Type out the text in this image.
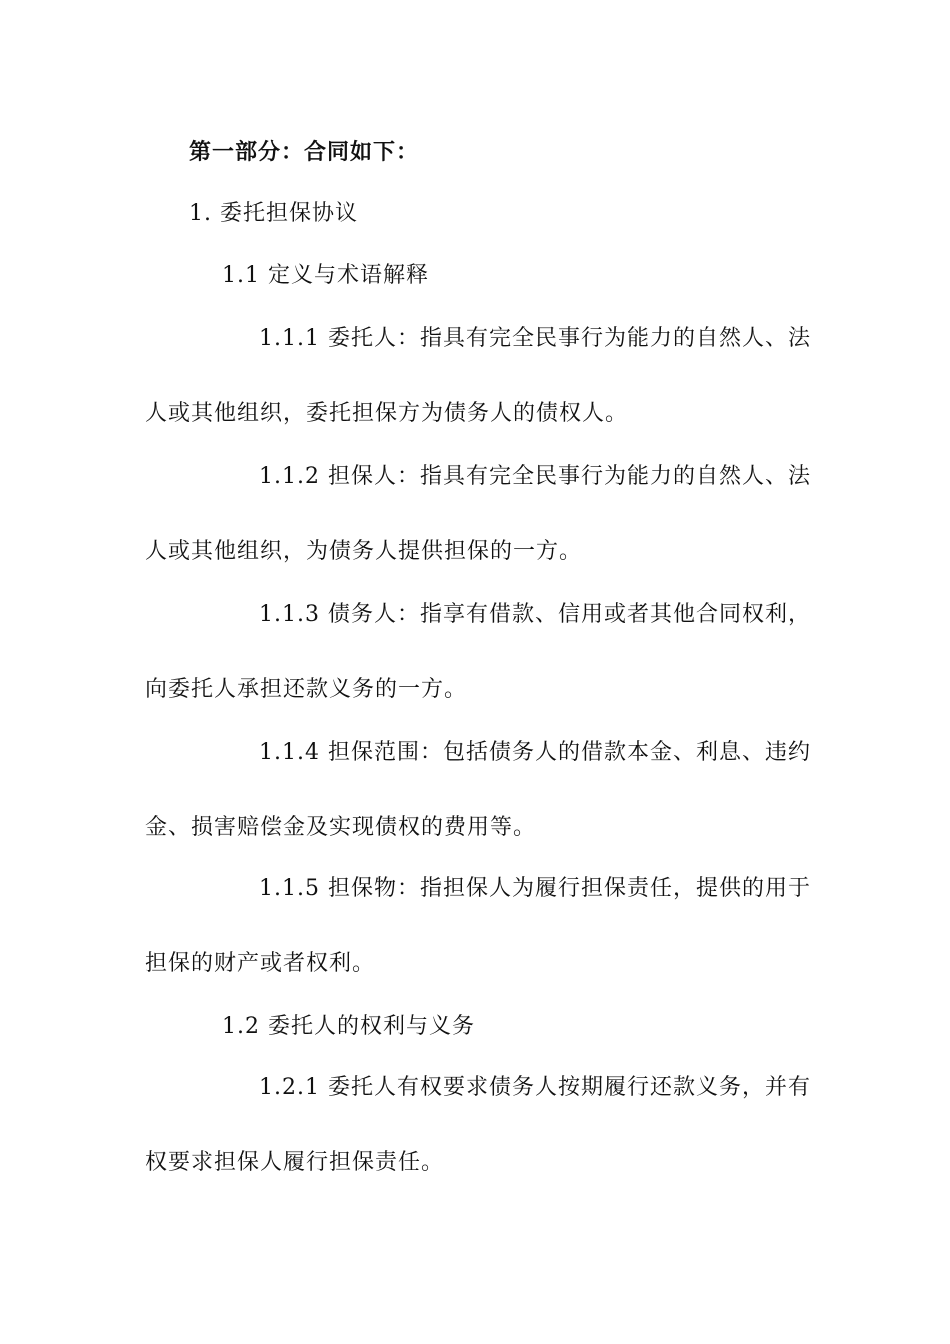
第一部分：合同如下：
1. 委托担保协议
1.1 定义与术语解释
1.1.1 委托人：指具有完全民事行为能力的自然人、法
人或其他组织，委托担保方为债务人的债权人。
1.1.2 担保人：指具有完全民事行为能力的自然人、法
人或其他组织，为债务人提供担保的一方。
1.1.3 债务人：指享有借款、信用或者其他合同权利，
向委托人承担还款义务的一方。
1.1.4 担保范围：包括债务人的借款本金、利息、违约
金、损害赔偿金及实现债权的费用等。
1.1.5 担保物：指担保人为履行担保责任，提供的用于
担保的财产或者权利。
1.2 委托人的权利与义务
1.2.1 委托人有权要求债务人按期履行还款义务，并有
权要求担保人履行担保责任。
